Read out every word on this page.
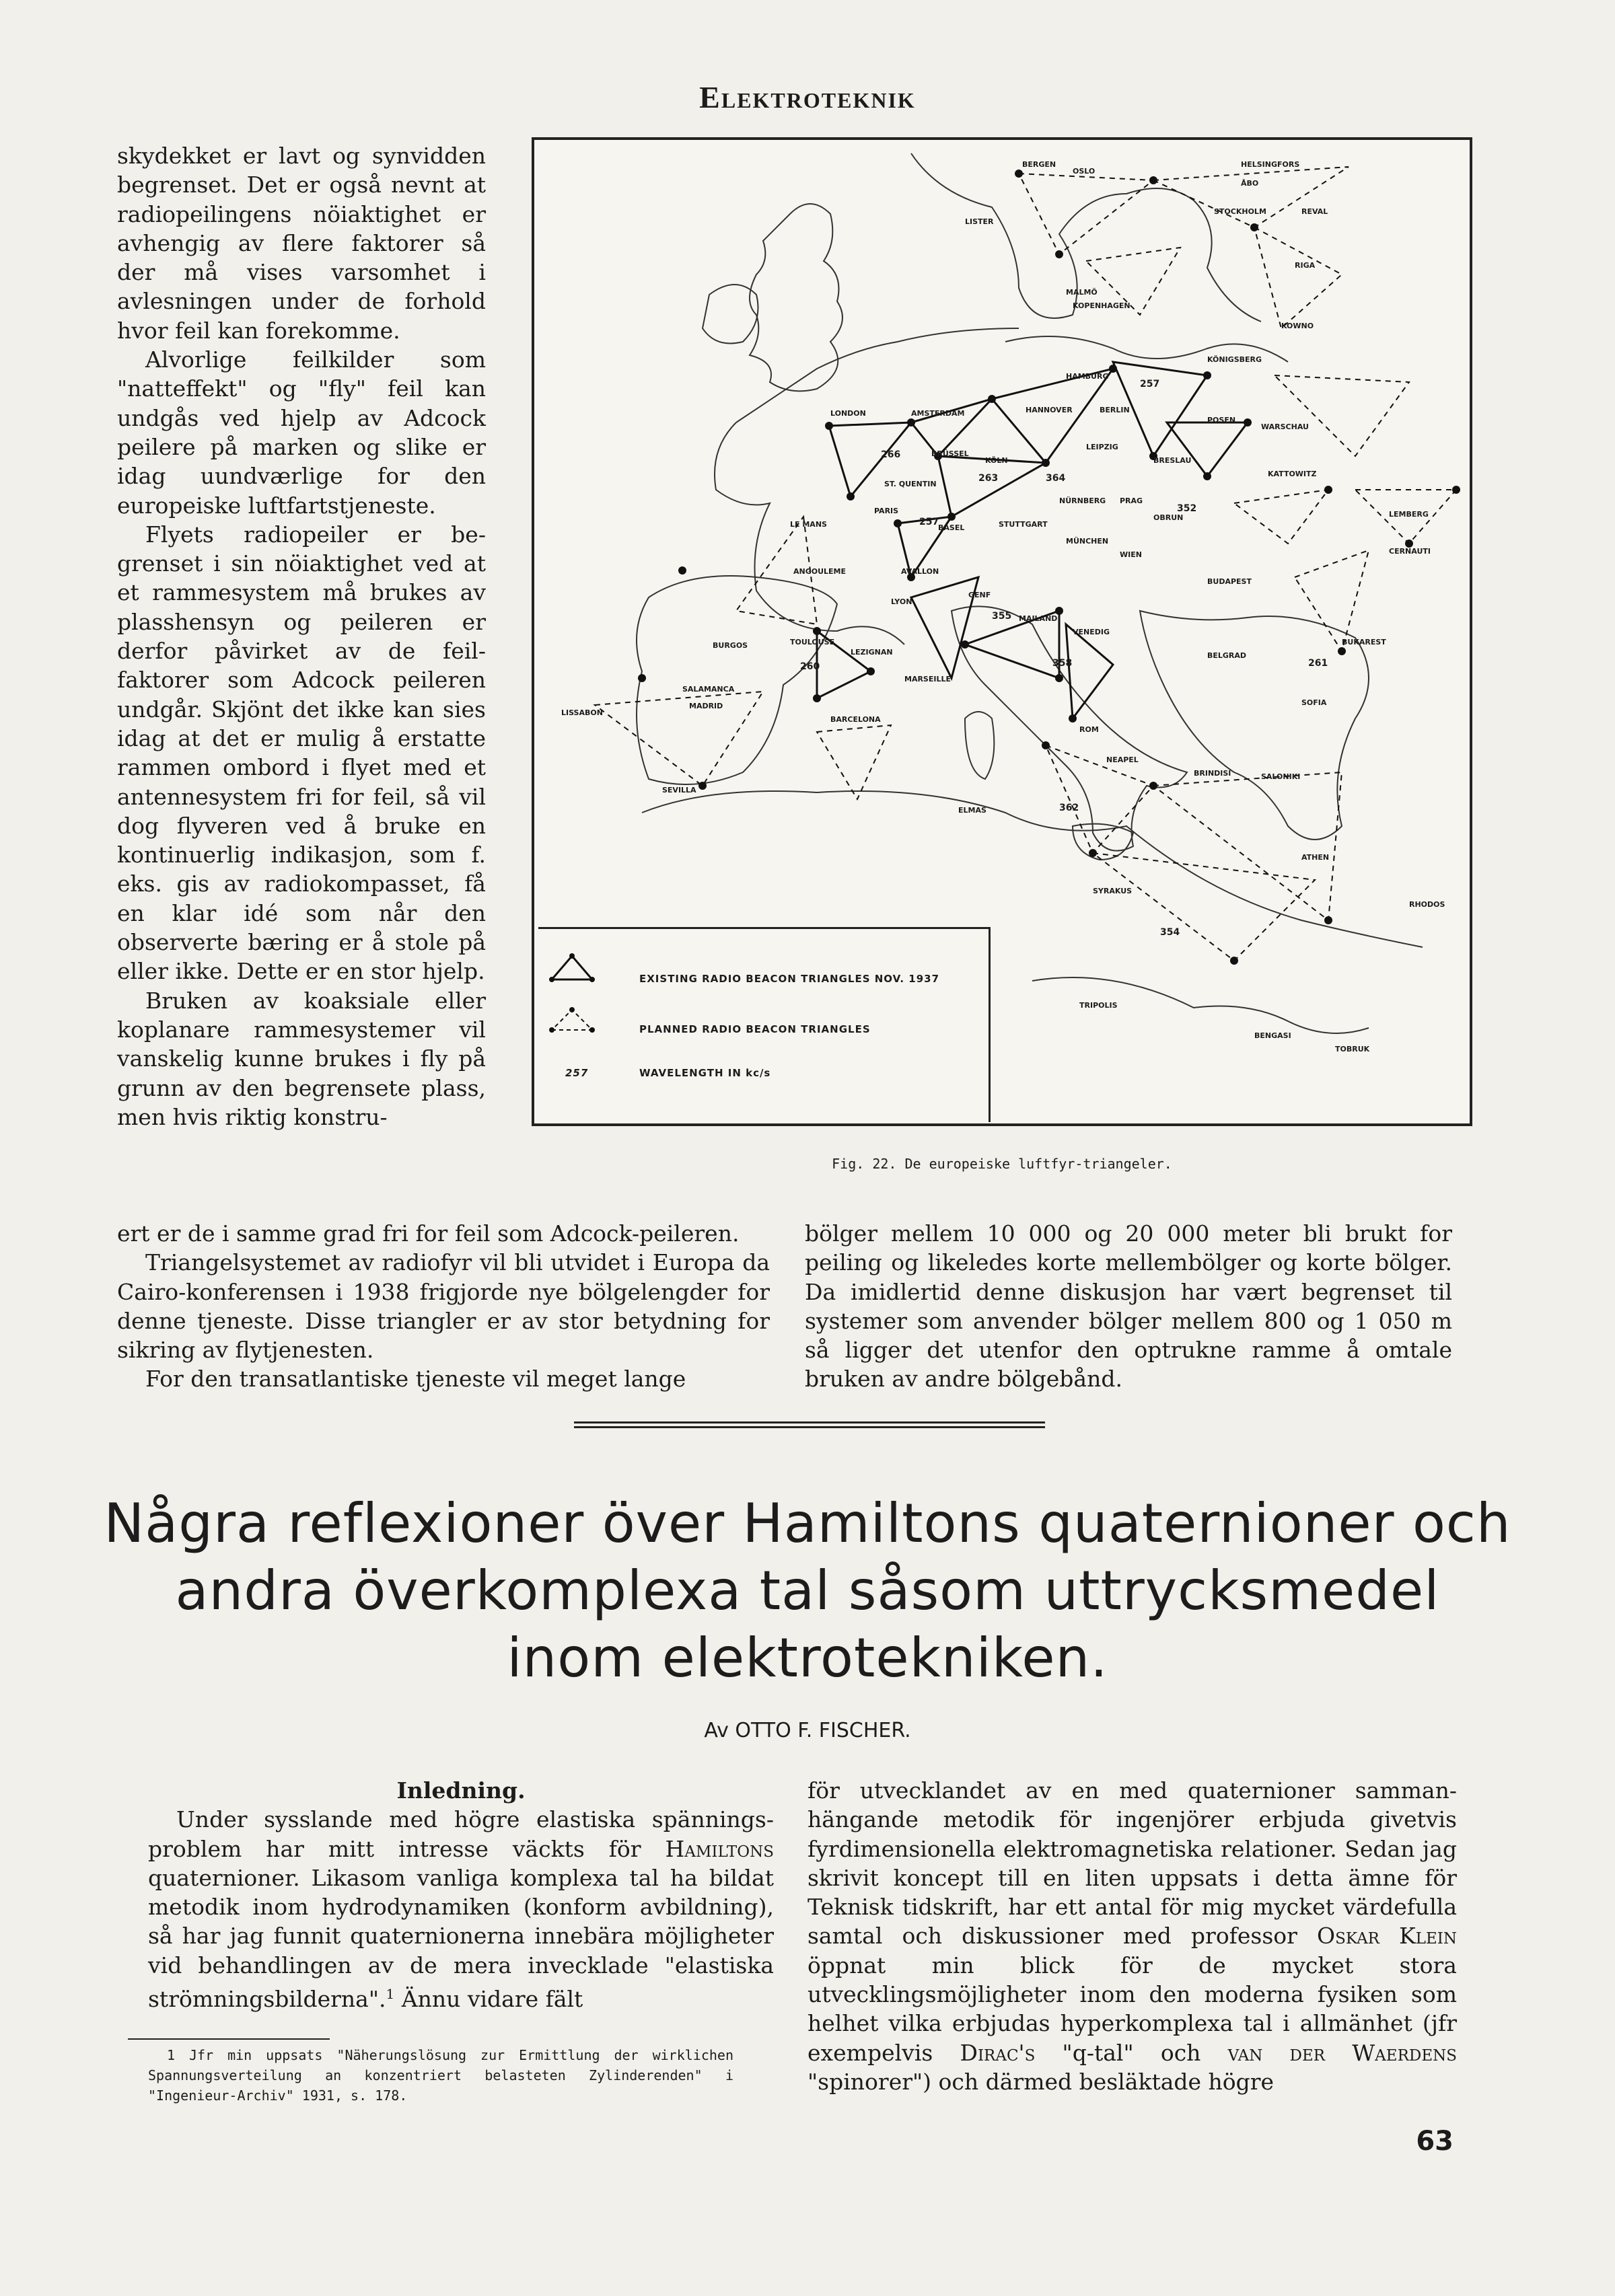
Elektroteknik

skydekket er lavt og synvidden begrenset. Det er også nevnt at radiopeilingens nöiaktighet er avhengig av flere faktorer så der må vises varsomhet i avlesningen under de forhold hvor feil kan forekomme.

Alvorlige feilkilder som "natteffekt" og "fly" feil kan undgås ved hjelp av Adcock peilere på marken og slike er idag uundværlige for den europeiske luftfartstjeneste.

Flyets radiopeiler er begrenset i sin nöiaktighet ved at et rammesystem må brukes av plasshensyn og peileren er derfor påvirket av de feilfaktorer som Adcock peileren undgår. Skjönt det ikke kan sies idag at det er mulig å erstatte rammen ombord i flyet med et antennesystem fri for feil, så vil dog flyveren ved å bruke en kontinuerlig indikasjon, som f. eks. gis av radiokompasset, få en klar idé som når den observerte bæring er å stole på eller ikke. Dette er en stor hjelp.

Bruken av koaksiale eller koplanare rammesystemer vil vanskelig kunne brukes i fly på grunn av den begrensete plass, men hvis riktig konstru-

BERGEN
OSLO
LISTER
HELSINGFORS
ÅBO
STOCKHOLM	REVAL
RIGA
MALMÖ
KOPENHAGEN
KOWNO
KÖNIGSBERG
HAMBURG
AMSTERDAM
LONDON	HANNOVER	BERLIN
POSEN
WARSCHAU
BRÜSSEL
KÖLN
LEIPZIG
BRESLAU
KATTOWITZ
LEMBERG
LE MANS
ST. QUENTIN
PARIS
NÜRNBERG PRAG
OBRUN
WIEN	CERNAUTI
BASEL	STUTTGART
MÜNCHEN
BUDAPEST
ANGOULEME	AVALLON
LYON
GENF
MAILAND
VENEDIG
BURGOS	TOULOUSE
LEZIGNAN
MARSEILLE
BELGRAD
BUKAREST
SALAMANCA
MADRID
BARCELONA
LISSABON
SOFIA
SEVILLA
NEAPEL
BRINDISI	SALONIKI
ELMAS
ROM
ATHEN
RHODOS
SYRAKUS
TRIPOLIS
BENGASI
TOBRUK
257
266
263	364
352
257
355
358
260	261
362
354
EXISTING RADIO BEACON TRIANGLES NOV. 1937
PLANNED RADIO BEACON TRIANGLES
257	WAVELENGTH IN kc/s
Fig. 22. De europeiske luftfyr-triangeler.

ert er de i samme grad fri for feil som Adcock-peileren.

Triangelsystemet av radiofyr vil bli utvidet i Europa da Cairo-konferensen i 1938 frigjorde nye bölgelengder for denne tjeneste. Disse triangler er av stor betydning for sikring av flytjenesten.

For den transatlantiske tjeneste vil meget lange

bölger mellem 10 000 og 20 000 meter bli brukt for peiling og likeledes korte mellembölger og korte bölger. Da imidlertid denne diskusjon har vært begrenset til systemer som anvender bölger mellem 800 og 1 050 m så ligger det utenfor den optrukne ramme å omtale bruken av andre bölgebånd.

Några reflexioner över Hamiltons quaternioner och
andra överkomplexa tal såsom uttrycksmedel
inom elektrotekniken.
Av OTTO F. FISCHER.

Inledning.

Under sysslande med högre elastiska spänningsproblem har mitt intresse väckts för Hamiltons quaternioner. Likasom vanliga komplexa tal ha bildat metodik inom hydrodynamiken (konform avbildning), så har jag funnit quaternionerna innebära möjligheter vid behandlingen av de mera invecklade "elastiska strömningsbilderna".$^1$ Ännu vidare fält

1 Jfr min uppsats "Näherungslösung zur Ermittlung der wirklichen Spannungsverteilung an konzentriert belasteten Zylinderenden" i "Ingenieur-Archiv" 1931, s. 178.

för utvecklandet av en med quaternioner sammanhängande metodik för ingenjörer erbjuda givetvis fyrdimensionella elektromagnetiska relationer. Sedan jag skrivit koncept till en liten uppsats i detta ämne för Teknisk tidskrift, har ett antal för mig mycket värdefulla samtal och diskussioner med professor Oskar Klein öppnat min blick för de mycket stora utvecklingsmöjligheter inom den moderna fysiken som helhet vilka erbjudas hyperkomplexa tal i allmänhet (jfr exempelvis Dirac's "q-tal" och van der Waerdens "spinorer") och därmed besläktade högre

63
